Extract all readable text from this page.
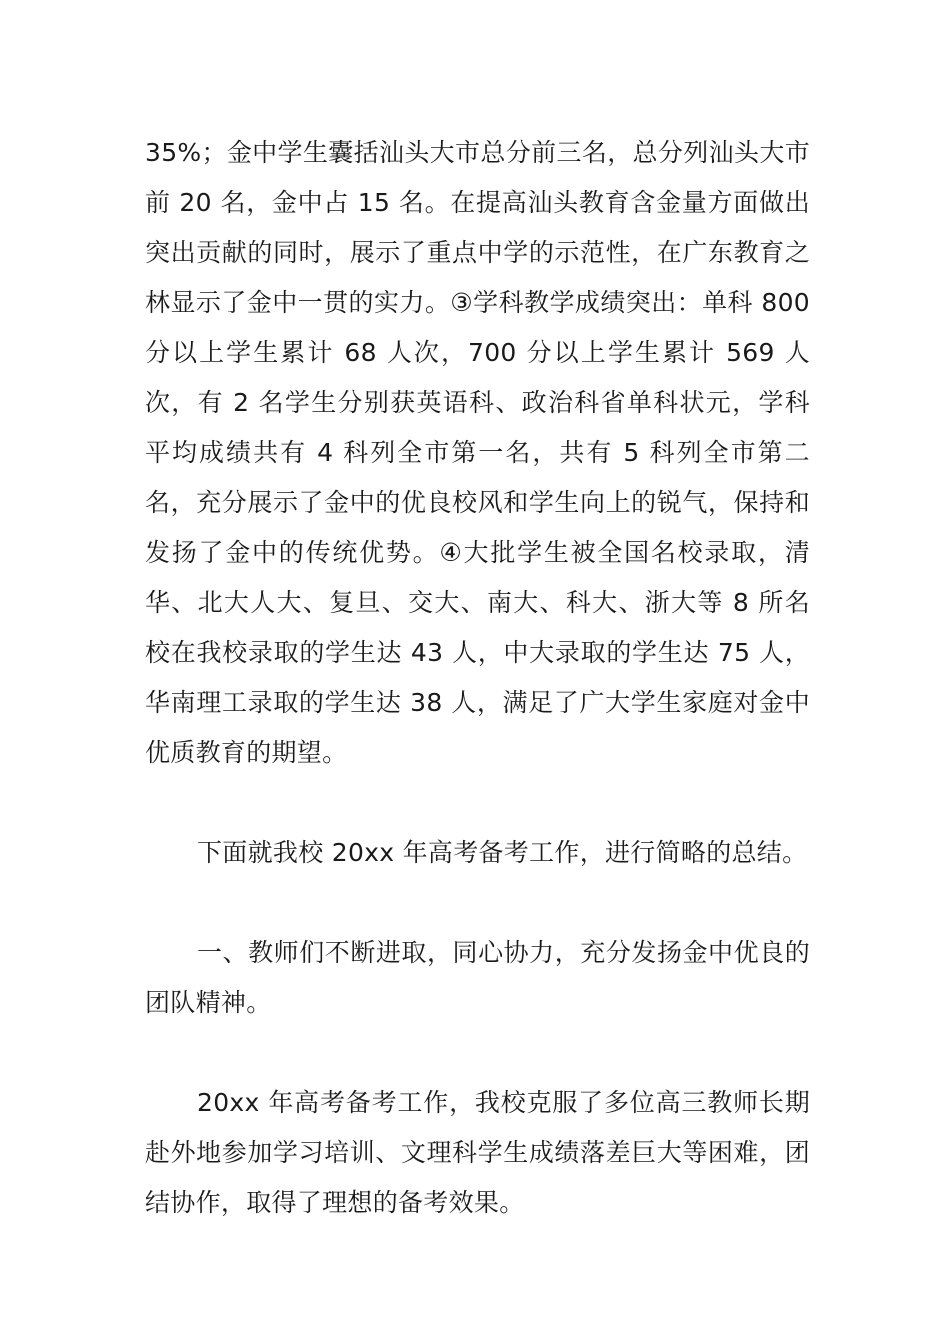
35%；金中学生囊括汕头大市总分前三名，总分列汕头大市前 20 名，金中占 15 名。在提高汕头教育含金量方面做出突出贡献的同时，展示了重点中学的示范性，在广东教育之林显示了金中一贯的实力。③学科教学成绩突出：单科 800 分以上学生累计 68 人次，700 分以上学生累计 569 人次，有 2 名学生分别获英语科、政治科省单科状元，学科平均成绩共有 4 科列全市第一名，共有 5 科列全市第二名，充分展示了金中的优良校风和学生向上的锐气，保持和发扬了金中的传统优势。④大批学生被全国名校录取，清华、北大人大、复旦、交大、南大、科大、浙大等 8 所名校在我校录取的学生达 43 人，中大录取的学生达 75 人，华南理工录取的学生达 38 人，满足了广大学生家庭对金中优质教育的期望。

下面就我校 20xx 年高考备考工作，进行简略的总结。

一、教师们不断进取，同心协力，充分发扬金中优良的团队精神。

20xx 年高考备考工作，我校克服了多位高三教师长期赴外地参加学习培训、文理科学生成绩落差巨大等困难，团结协作，取得了理想的备考效果。
